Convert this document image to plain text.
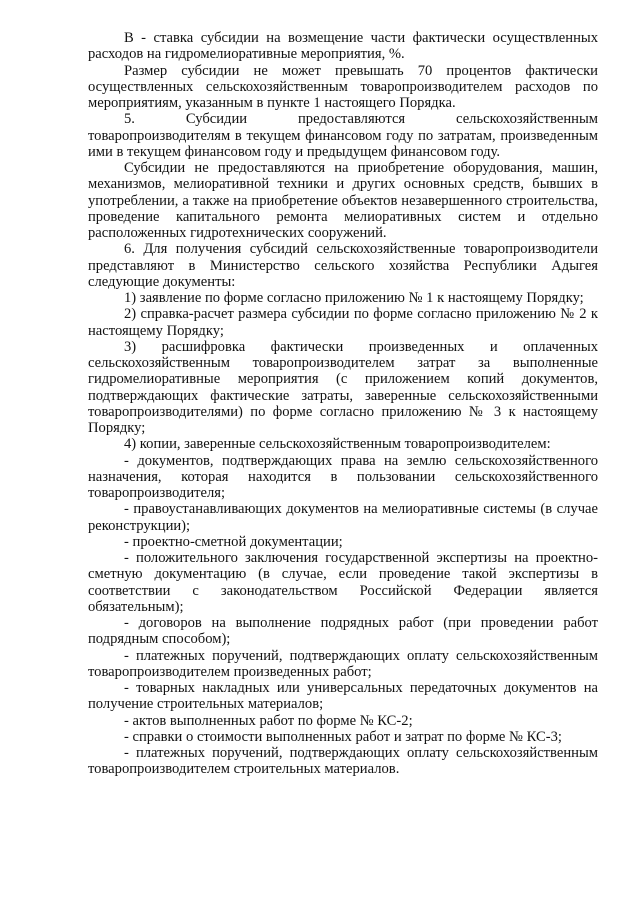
В - ставка субсидии на возмещение части фактически осуществленных расходов на гидромелиоративные мероприятия, %.

Размер субсидии не может превышать 70 процентов фактически осуществленных сельскохозяйственным товаропроизводителем расходов по мероприятиям, указанным в пункте 1 настоящего Порядка.

5. Субсидии предоставляются сельскохозяйственным товаропроизводителям в текущем финансовом году по затратам, произведенным ими в текущем финансовом году и предыдущем финансовом году.

Субсидии не предоставляются на приобретение оборудования, машин, механизмов, мелиоративной техники и других основных средств, бывших в употреблении, а также на приобретение объектов незавершенного строительства, проведение капитального ремонта мелиоративных систем и отдельно расположенных гидротехнических сооружений.

6. Для получения субсидий сельскохозяйственные товаропроизводители представляют в Министерство сельского хозяйства Республики Адыгея следующие документы:

1) заявление по форме согласно приложению № 1 к настоящему Порядку;

2) справка-расчет размера субсидии по форме согласно приложению № 2 к настоящему Порядку;

3) расшифровка фактически произведенных и оплаченных сельскохозяйственным товаропроизводителем затрат за выполненные гидромелиоративные мероприятия (с приложением копий документов, подтверждающих фактические затраты, заверенные сельскохозяйственными товаропроизводителями) по форме согласно приложению № 3 к настоящему Порядку;

4) копии, заверенные сельскохозяйственным товаропроизводителем:

- документов, подтверждающих права на землю сельскохозяйственного назначения, которая находится в пользовании сельскохозяйственного товаропроизводителя;

- правоустанавливающих документов на мелиоративные системы (в случае реконструкции);

- проектно-сметной документации;

- положительного заключения государственной экспертизы на проектно-сметную документацию (в случае, если проведение такой экспертизы в соответствии с законодательством Российской Федерации является обязательным);

- договоров на выполнение подрядных работ (при проведении работ подрядным способом);

- платежных поручений, подтверждающих оплату сельскохозяйственным товаропроизводителем произведенных работ;

- товарных накладных или универсальных передаточных документов на получение строительных материалов;

- актов выполненных работ по форме № КС-2;

- справки о стоимости выполненных работ и затрат по форме № КС-3;

- платежных поручений, подтверждающих оплату сельскохозяйственным товаропроизводителем строительных материалов.
